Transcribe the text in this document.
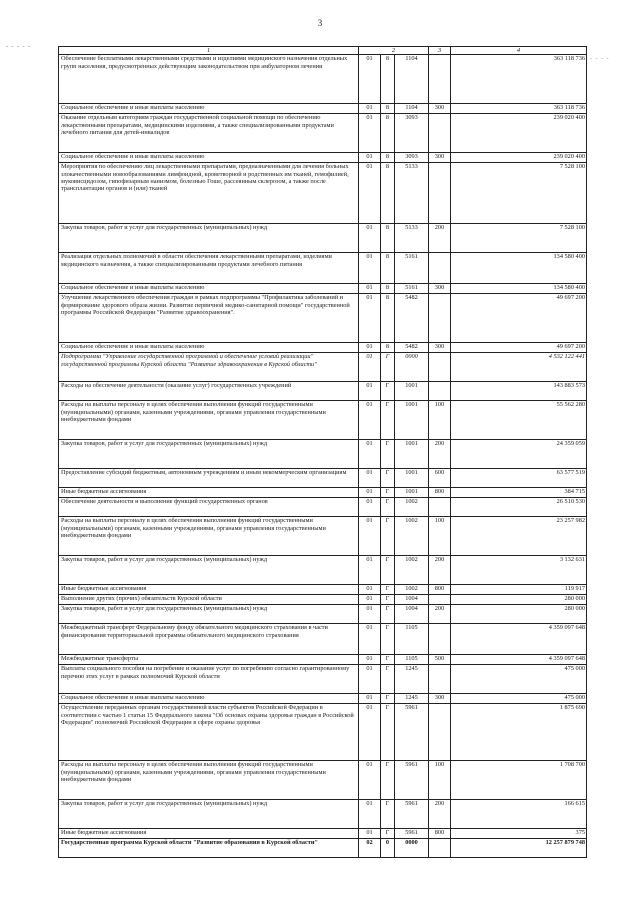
3
- - - - -
- - - -
1	2			3	4
Обеспечение бесплатными лекарственными средствами и изделиями медицинского назначения отдельных групп населения, предусмотренных действующим законодательством при амбулаторном лечении	01	8	1104		363 118 736
Социальное обеспечение и иные выплаты населению	01	8	1104	300	363 118 736
Оказание отдельным категориям граждан государственной социальной помощи по обеспечению лекарственными препаратами, медицинскими изделиями, а также специализированными продуктами лечебного питания для детей-инвалидов	01	8	3093		239 020 400
Социальное обеспечение и иные выплаты населению	01	8	3093	300	239 020 400
Мероприятия по обеспечению лиц лекарственными препаратами, предназначенными для лечения больных злокачественными новообразованиями лимфоидной, кроветворной и родственных им тканей, гемофилией, муковисцидозом, гипофизарным нанизмом, болезнью Гоше, рассеянным склерозом, а также после трансплантации органов и (или) тканей	01	8	5133		7 528 100
Закупка товаров, работ и услуг для государственных (муниципальных) нужд	01	8	5133	200	7 528 100
Реализация отдельных полномочий в области обеспечения лекарственными препаратами, изделиями медицинского назначения, а также специализированными продуктами лечебного питания	01	8	5161		134 580 400
Социальное обеспечение и иные выплаты населению	01	8	5161	300	134 580 400
Улучшение лекарственного обеспечения граждан в рамках подпрограммы "Профилактика заболеваний и формирование здорового образа жизни. Развитие первичной медико-санитарной помощи" государственной программы Российской Федерации "Развитие здравоохранения".	01	8	5482		49 697 200
Социальное обеспечение и иные выплаты населению	01	8	5482	300	49 697 200
Подпрограмма "Управление государственной программой и обеспечение условий реализации" государственной программы Курской области "Развитие здравоохранения в Курской области"	01	Г	0000		4 532 122 441
Расходы на обеспечение деятельности (оказание услуг) государственных учреждений	01	Г	1001		143 883 573
Расходы на выплаты персоналу в целях обеспечения выполнения функций государственными (муниципальными) органами, казенными учреждениями, органами управления государственными внебюджетными фондами	01	Г	1001	100	55 562 280
Закупка товаров, работ и услуг для государственных (муниципальных) нужд	01	Г	1001	200	24 359 059
Предоставление субсидий бюджетным, автономным учреждениям и иным некоммерческим организациям	01	Г	1001	600	63 577 519
Иные бюджетные ассигнования	01	Г	1001	800	384 715
Обеспечение деятельности и выполнение функций государственных органов	01	Г	1002		26 510 530
Расходы на выплаты персоналу в целях обеспечения выполнения функций государственными (муниципальными) органами, казенными учреждениями, органами управления государственными внебюджетными фондами	01	Г	1002	100	23 257 982
Закупка товаров, работ и услуг для государственных (муниципальных) нужд	01	Г	1002	200	3 132 631
Иные бюджетные ассигнования	01	Г	1002	800	119 917
Выполнение других (прочих) обязательств Курской области	01	Г	1004		280 000
Закупка товаров, работ и услуг для государственных (муниципальных) нужд	01	Г	1004	200	280 000
Межбюджетный трансферт Федеральному фонду обязательного медицинского страхования в части финансирования территориальной программы обязательного медицинского страхования	01	Г	1105		4 359 097 648
Межбюджетные трансферты	01	Г	1105	500	4 359 097 648
Выплаты социального пособия на погребение и оказание услуг по погребению согласно гарантированному перечню этих услуг в рамках полномочий Курской области	01	Г	1245		475 000
Социальное обеспечение и иные выплаты населению	01	Г	1245	300	475 000
Осуществление переданных органам государственной власти субъектов Российской Федерации в соответствии с частью 1 статьи 15 Федерального закона "Об основах охраны здоровья граждан в Российской Федерации" полномочий Российской Федерации в сфере охраны здоровья	01	Г	5961		1 875 690
Расходы на выплаты персоналу в целях обеспечения выполнения функций государственными (муниципальными) органами, казенными учреждениями, органами управления государственными внебюджетными фондами	01	Г	5961	100	1 708 700
Закупка товаров, работ и услуг для государственных (муниципальных) нужд	01	Г	5961	200	166 615
Иные бюджетные ассигнования	01	Г	5961	800	375
Государственная программа Курской области "Развитие образования в Курской области"	02	0	0000		12 257 879 748
